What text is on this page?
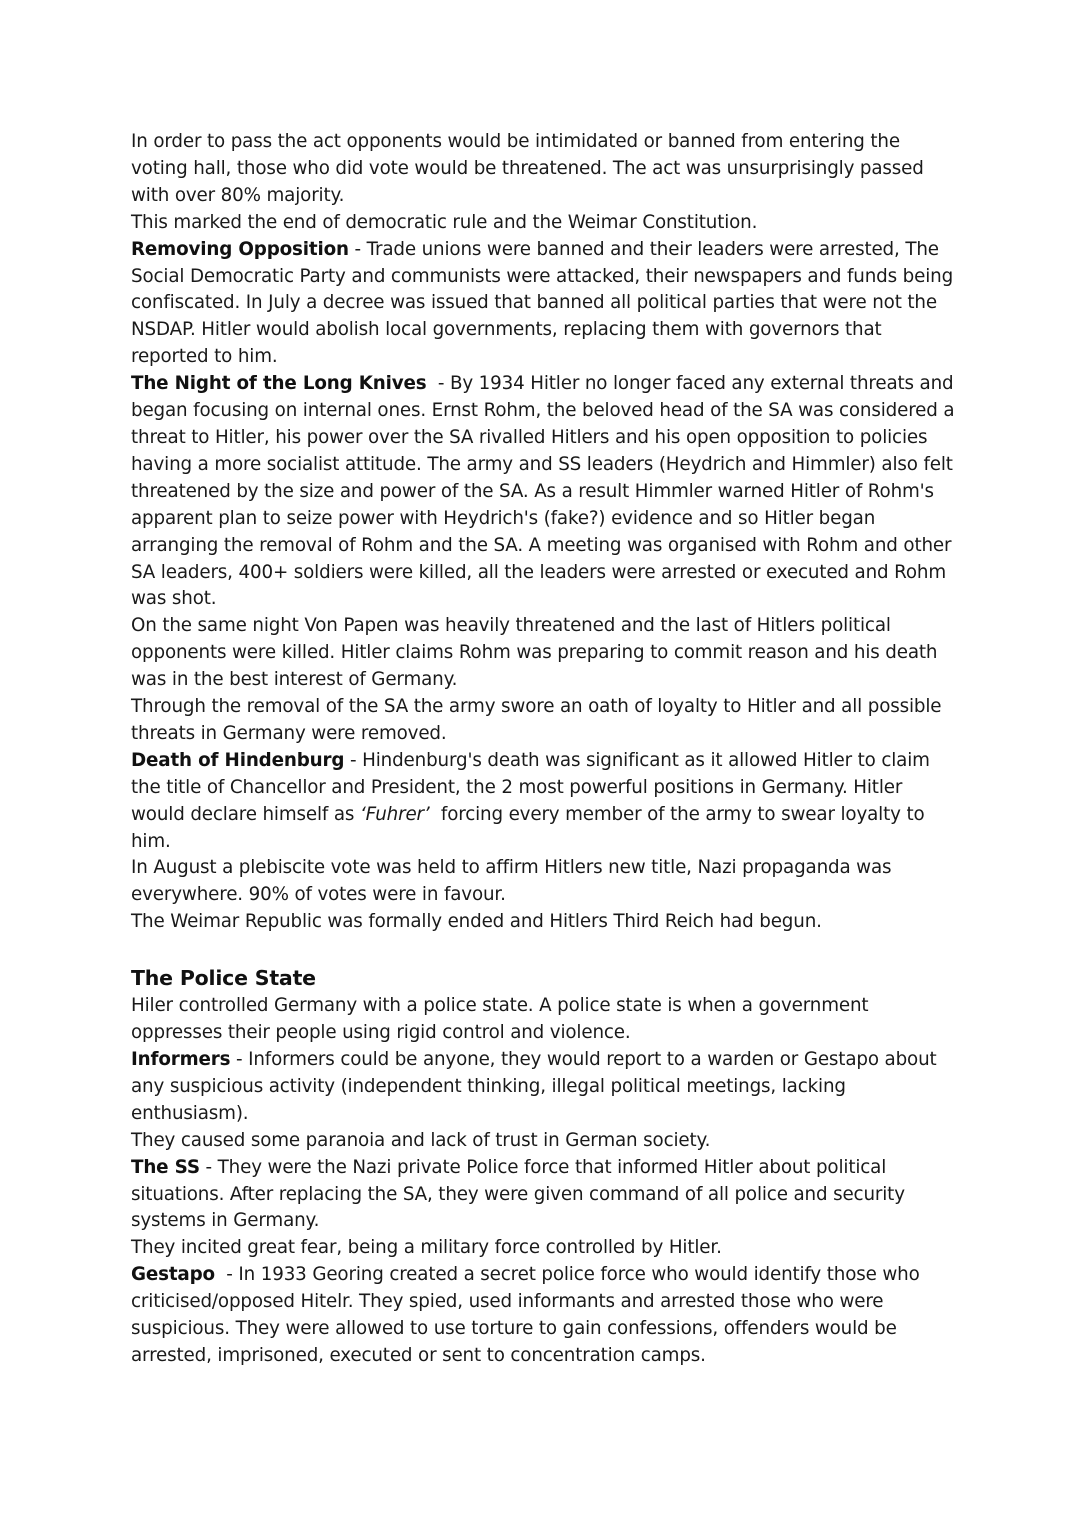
In order to pass the act opponents would be intimidated or banned from entering the voting hall, those who did vote would be threatened. The act was unsurprisingly passed with over 80% majority.

This marked the end of democratic rule and the Weimar Constitution.

Removing Opposition - Trade unions were banned and their leaders were arrested, The Social Democratic Party and communists were attacked, their newspapers and funds being confiscated. In July a decree was issued that banned all political parties that were not the NSDAP. Hitler would abolish local governments, replacing them with governors that reported to him.

The Night of the Long Knives  - By 1934 Hitler no longer faced any external threats and began focusing on internal ones. Ernst Rohm, the beloved head of the SA was considered a threat to Hitler, his power over the SA rivalled Hitlers and his open opposition to policies having a more socialist attitude. The army and SS leaders (Heydrich and Himmler) also felt threatened by the size and power of the SA. As a result Himmler warned Hitler of Rohm's apparent plan to seize power with Heydrich's (fake?) evidence and so Hitler began arranging the removal of Rohm and the SA. A meeting was organised with Rohm and other SA leaders, 400+ soldiers were killed, all the leaders were arrested or executed and Rohm was shot.

On the same night Von Papen was heavily threatened and the last of Hitlers political opponents were killed. Hitler claims Rohm was preparing to commit reason and his death was in the best interest of Germany.

Through the removal of the SA the army swore an oath of loyalty to Hitler and all possible threats in Germany were removed.

Death of Hindenburg - Hindenburg's death was significant as it allowed Hitler to claim the title of Chancellor and President, the 2 most powerful positions in Germany. Hitler would declare himself as ‘Fuhrer’  forcing every member of the army to swear loyalty to him.

In August a plebiscite vote was held to affirm Hitlers new title, Nazi propaganda was everywhere. 90% of votes were in favour.

The Weimar Republic was formally ended and Hitlers Third Reich had begun.

The Police State

Hiler controlled Germany with a police state. A police state is when a government oppresses their people using rigid control and violence.

Informers - Informers could be anyone, they would report to a warden or Gestapo about any suspicious activity (independent thinking, illegal political meetings, lacking enthusiasm).

They caused some paranoia and lack of trust in German society.

The SS - They were the Nazi private Police force that informed Hitler about political situations. After replacing the SA, they were given command of all police and security systems in Germany.

They incited great fear, being a military force controlled by Hitler.

Gestapo  - In 1933 Georing created a secret police force who would identify those who criticised/opposed Hitelr. They spied, used informants and arrested those who were suspicious. They were allowed to use torture to gain confessions, offenders would be arrested, imprisoned, executed or sent to concentration camps.
